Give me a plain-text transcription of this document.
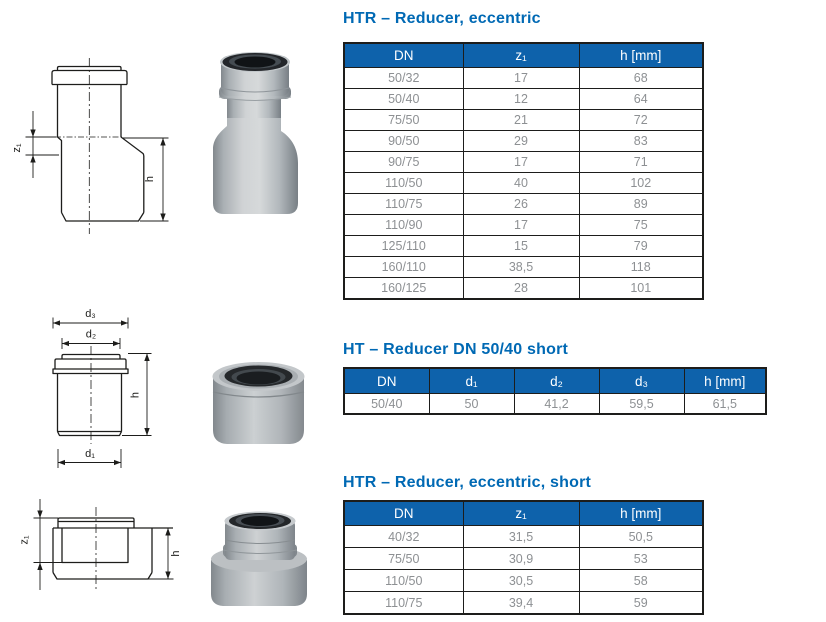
z₁
h
HTR – Reducer, eccentric
DN	z₁	h [mm]
50/32	17	68
50/40	12	64
75/50	21	72
90/50	29	83
90/75	17	71
110/50	40	102
110/75	26	89
110/90	17	75
125/110	15	79
160/110	38,5	118
160/125	28	101
d₃
d₂
h
d₁
HT – Reducer DN 50/40 short
DN	d₁	d₂	d₃	h [mm]
50/40	50	41,2	59,5	61,5
z₁
h
HTR – Reducer, eccentric, short
DN	z₁	h [mm]
40/32	31,5	50,5
75/50	30,9	53
110/50	30,5	58
110/75	39,4	59
